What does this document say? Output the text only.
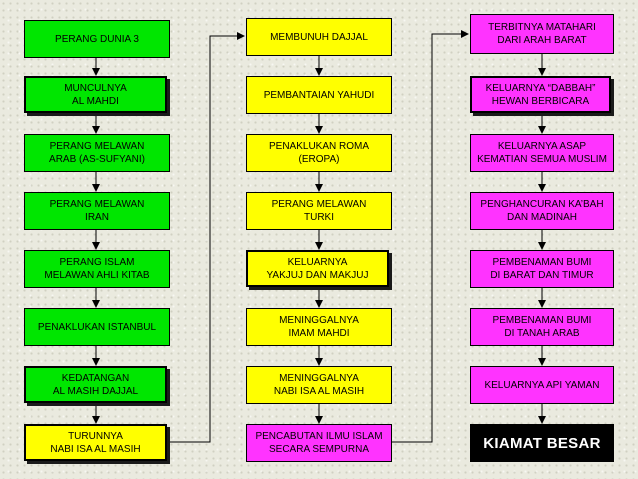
PERANG DUNIA 3
MUNCULNYA
AL MAHDI
PERANG MELAWAN
ARAB (AS-SUFYANI)
PERANG MELAWAN
IRAN
PERANG ISLAM
MELAWAN AHLI KITAB
PENAKLUKAN ISTANBUL
KEDATANGAN
AL MASIH DAJJAL
TURUNNYA
NABI ISA AL MASIH
MEMBUNUH DAJJAL
PEMBANTAIAN YAHUDI
PENAKLUKAN ROMA
(EROPA)
PERANG MELAWAN
TURKI
KELUARNYA
YAKJUJ DAN MAKJUJ
MENINGGALNYA
IMAM MAHDI
MENINGGALNYA
NABI ISA AL MASIH
PENCABUTAN ILMU ISLAM
SECARA SEMPURNA
TERBITNYA MATAHARI
DARI ARAH BARAT
KELUARNYA “DABBAH”
HEWAN BERBICARA
KELUARNYA ASAP
KEMATIAN SEMUA MUSLIM
PENGHANCURAN KA’BAH
DAN MADINAH
PEMBENAMAN BUMI
DI BARAT DAN TIMUR
PEMBENAMAN BUMI
DI TANAH ARAB
KELUARNYA API YAMAN
KIAMAT BESAR
